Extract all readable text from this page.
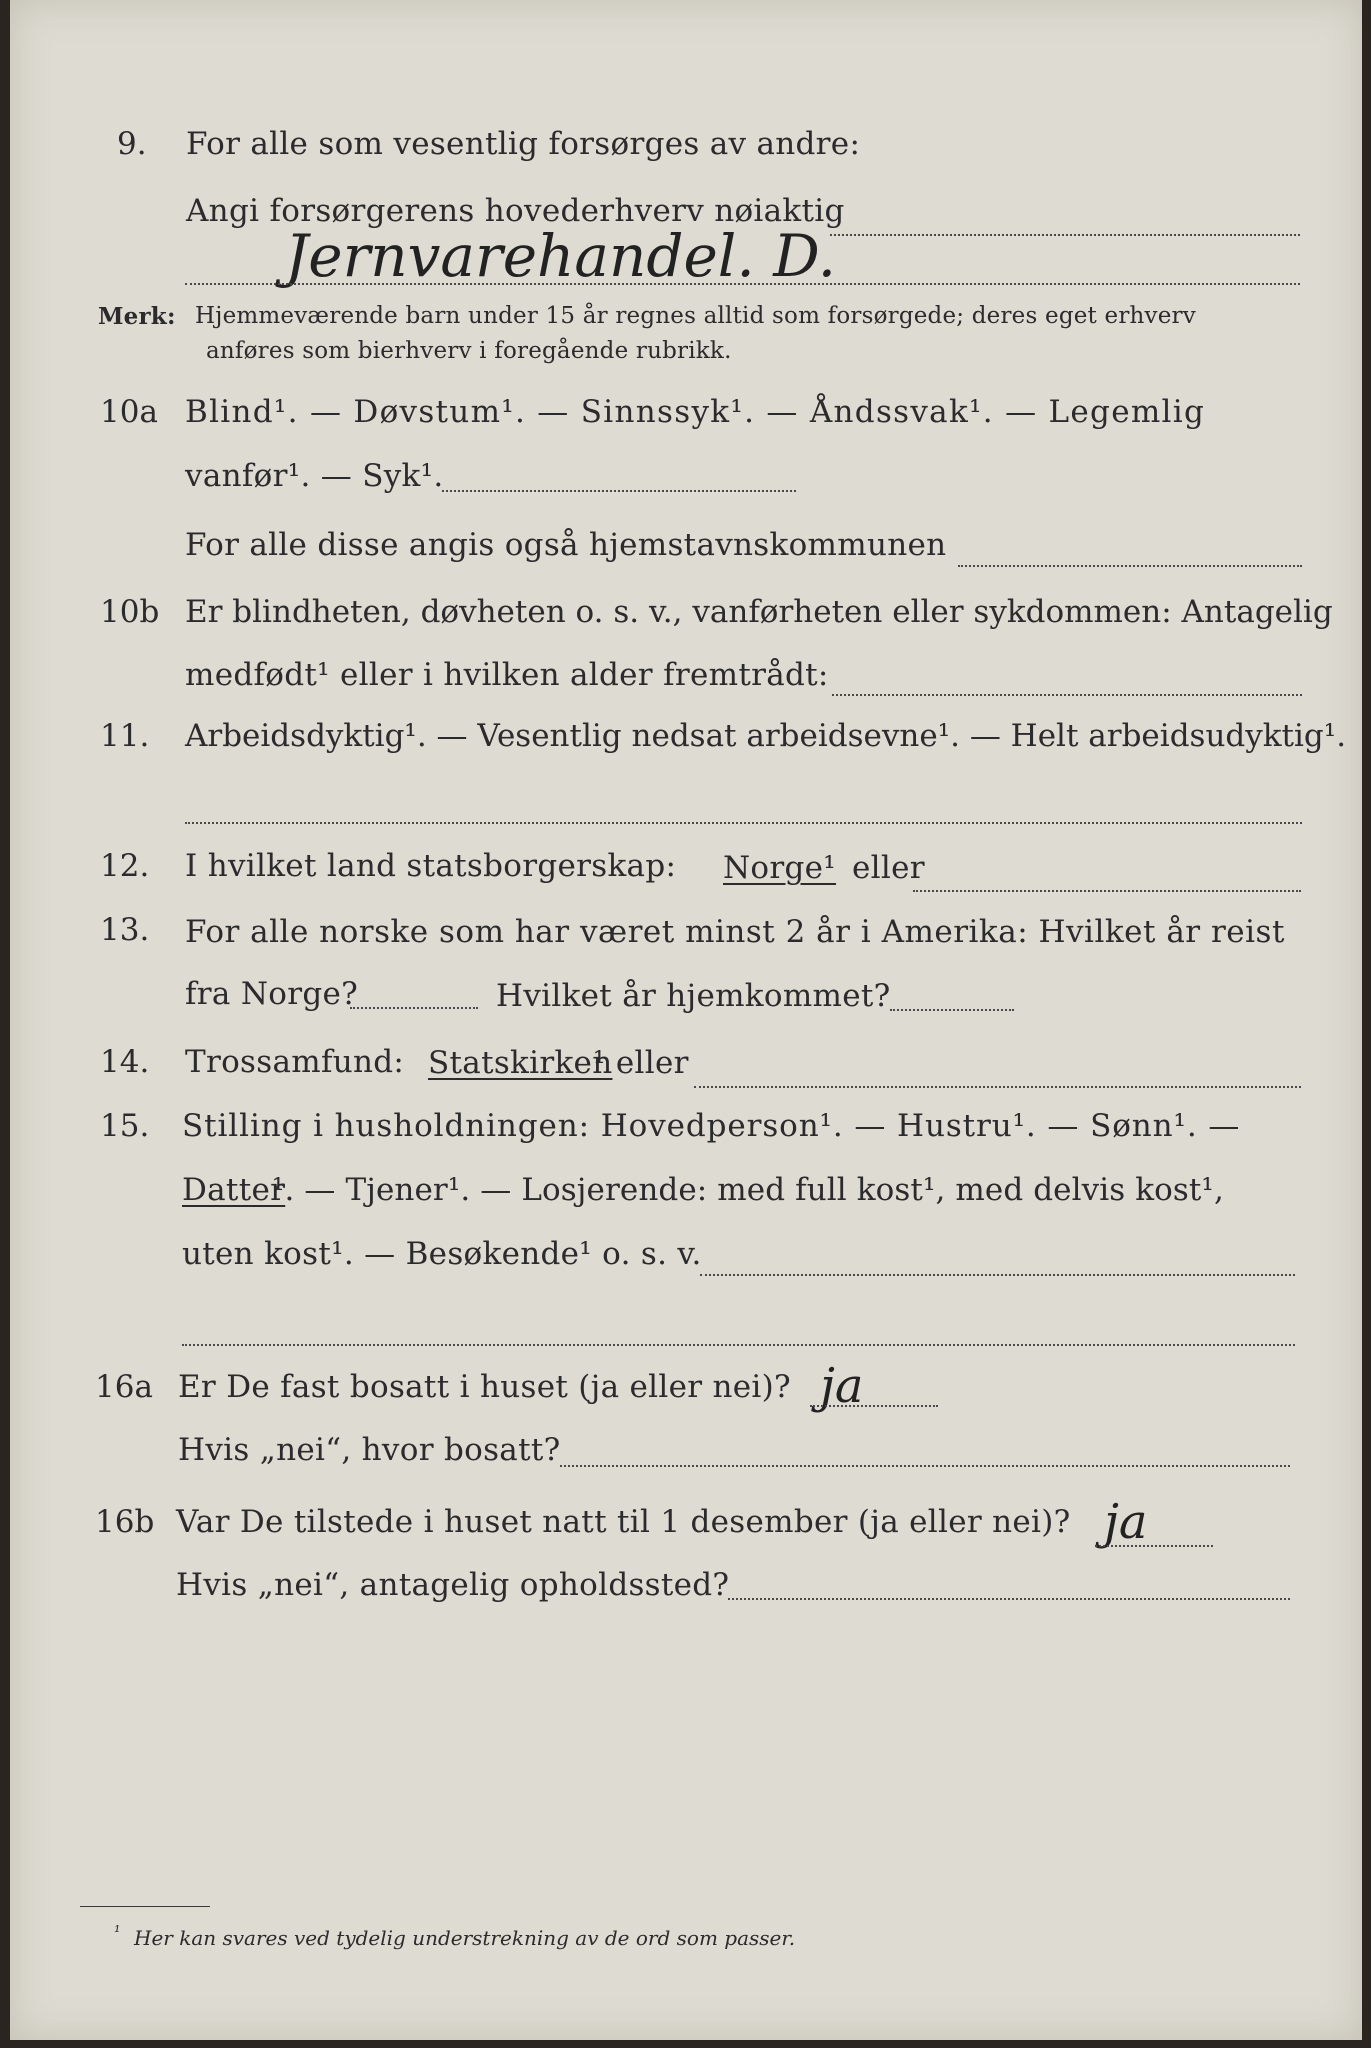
9. For alle som vesentlig forsørges av andre:
Angi forsørgerens hovederhverv nøiaktig
Jernvarehandel. D.
Merk: Hjemmeværende barn under 15 år regnes alltid som forsørgede; deres eget erhverv
anføres som bierhverv i foregående rubrikk.
10a Blind¹. — Døvstum¹. — Sinnssyk¹. — Åndssvak¹. — Legemlig
vanfør¹. — Syk¹.
For alle disse angis også hjemstavnskommunen
10b Er blindheten, døvheten o. s. v., vanførheten eller sykdommen: Antagelig
medfødt¹ eller i hvilken alder fremtrådt:
11. Arbeidsdyktig¹. — Vesentlig nedsat arbeidsevne¹. — Helt arbeidsudyktig¹.
12. I hvilket land statsborgerskap: Norge¹ eller
13. For alle norske som har været minst 2 år i Amerika: Hvilket år reist
fra Norge?	Hvilket år hjemkommet?
14. Trossamfund: Statskirken
¹ eller
15. Stilling i husholdningen: Hovedperson¹. — Hustru¹. — Sønn¹. —
Datter
¹. — Tjener¹. — Losjerende: med full kost¹, med delvis kost¹,
uten kost¹. — Besøkende¹ o. s. v.
16a Er De fast bosatt i huset (ja eller nei)? ja
Hvis „nei“, hvor bosatt?
16b Var De tilstede i huset natt til 1 desember (ja eller nei)? ja
Hvis „nei“, antagelig opholdssted?
¹ Her kan svares ved tydelig understrekning av de ord som passer.
